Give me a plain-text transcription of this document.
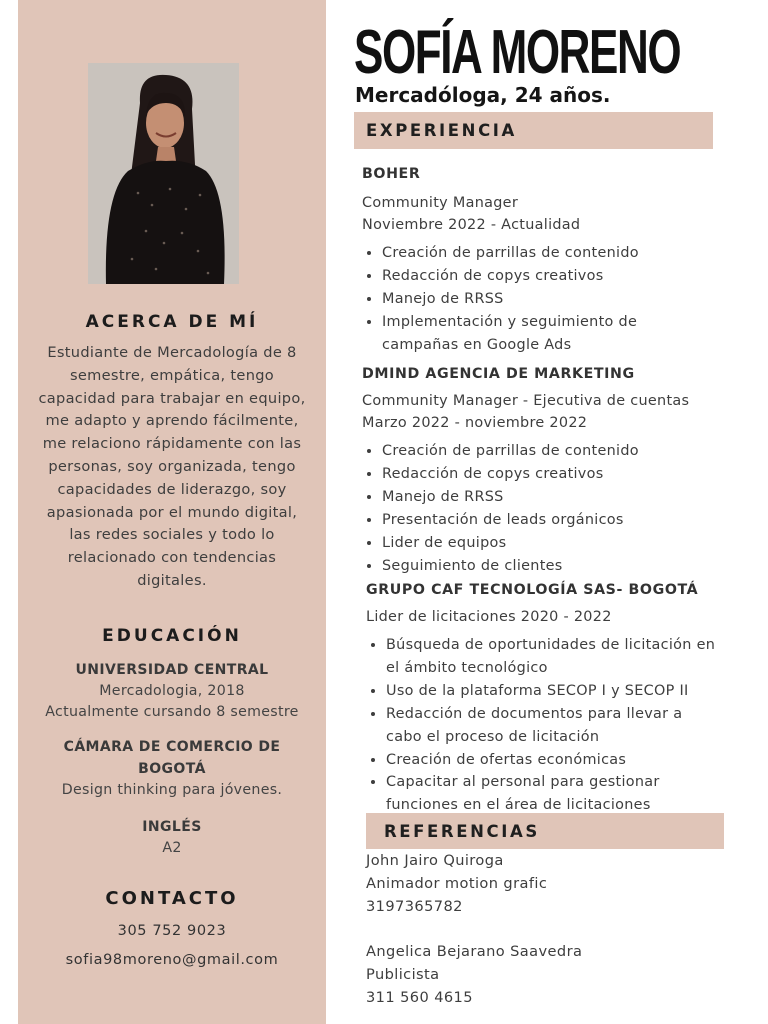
ACERCA DE MÍ
Estudiante de Mercadología de 8 semestre, empática, tengo capacidad para trabajar en equipo, me adapto y aprendo fácilmente, me relaciono rápidamente con las personas, soy organizada, tengo capacidades de liderazgo, soy apasionada por el mundo digital, las redes sociales y todo lo relacionado con tendencias digitales.
EDUCACIÓN
UNIVERSIDAD CENTRAL
Mercadologia, 2018
Actualmente cursando 8 semestre
CÁMARA DE COMERCIO DE BOGOTÁ
Design thinking para jóvenes.
INGLÉS
A2
CONTACTO
305 752 9023
sofia98moreno@gmail.com
SOFÍA MORENO
Mercadóloga, 24 años.
EXPERIENCIA
BOHER
Community Manager
Noviembre 2022 - Actualidad
• Creación de parrillas de contenido
• Redacción de copys creativos
• Manejo de RRSS
• Implementación y seguimiento de campañas en Google Ads
DMIND AGENCIA DE MARKETING
Community Manager - Ejecutiva de cuentas
Marzo 2022 - noviembre 2022
• Creación de parrillas de contenido
• Redacción de copys creativos
• Manejo de RRSS
• Presentación de leads orgánicos
• Lider de equipos
• Seguimiento de clientes
GRUPO CAF TECNOLOGÍA SAS- BOGOTÁ
Lider de licitaciones 2020 - 2022
• Búsqueda de oportunidades de licitación en el ámbito tecnológico
• Uso de la plataforma SECOP I y SECOP II
• Redacción de documentos para llevar a cabo el proceso de licitación
• Creación de ofertas económicas
• Capacitar al personal para gestionar funciones en el área de licitaciones
REFERENCIAS
John Jairo Quiroga
Animador motion grafic
3197365782
Angelica Bejarano Saavedra
Publicista
311 560 4615
